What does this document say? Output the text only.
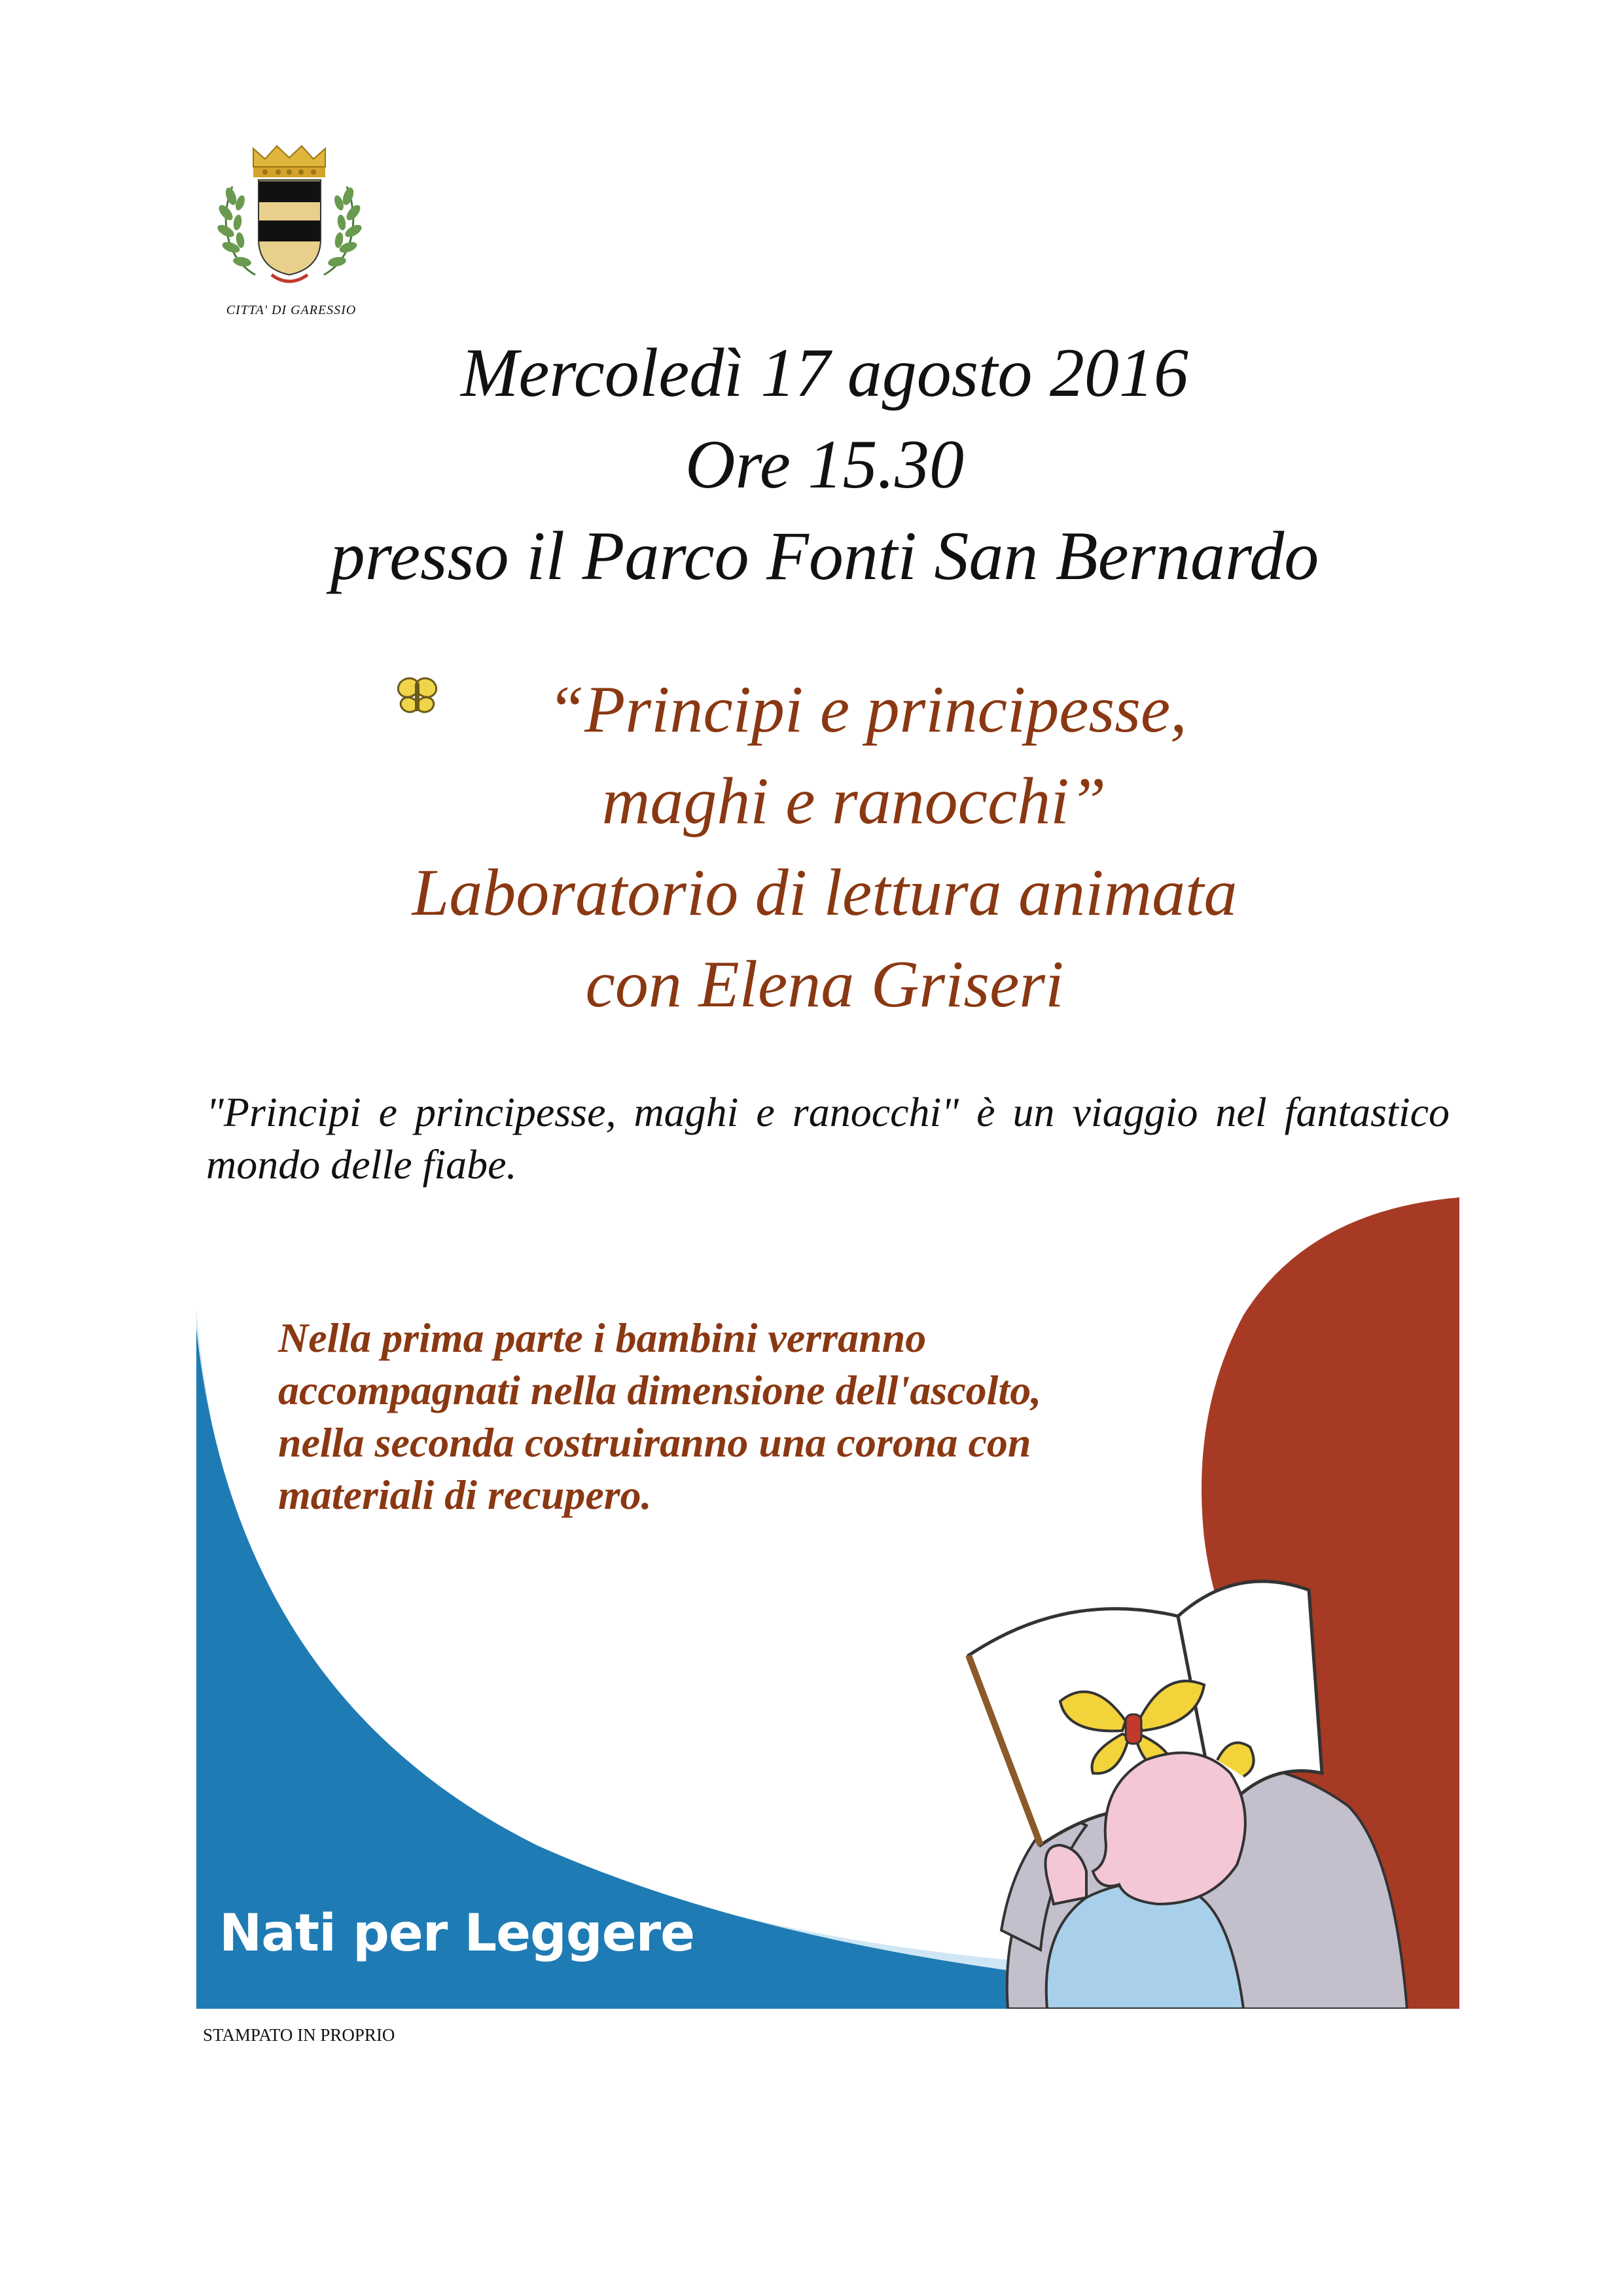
CITTA' DI GARESSIO
Mercoledì 17 agosto 2016
Ore 15.30
presso il Parco Fonti San Bernardo
“Principi e principesse,
maghi e ranocchi”
Laboratorio di lettura animata
con Elena Griseri
"Principi e principesse, maghi e ranocchi" è un viaggio nel fantastico mondo delle fiabe.
Nella prima parte i bambini verranno
accompagnati nella dimensione dell'ascolto,
nella seconda costruiranno una corona con
materiali di recupero.
Nati per Leggere
STAMPATO IN PROPRIO
